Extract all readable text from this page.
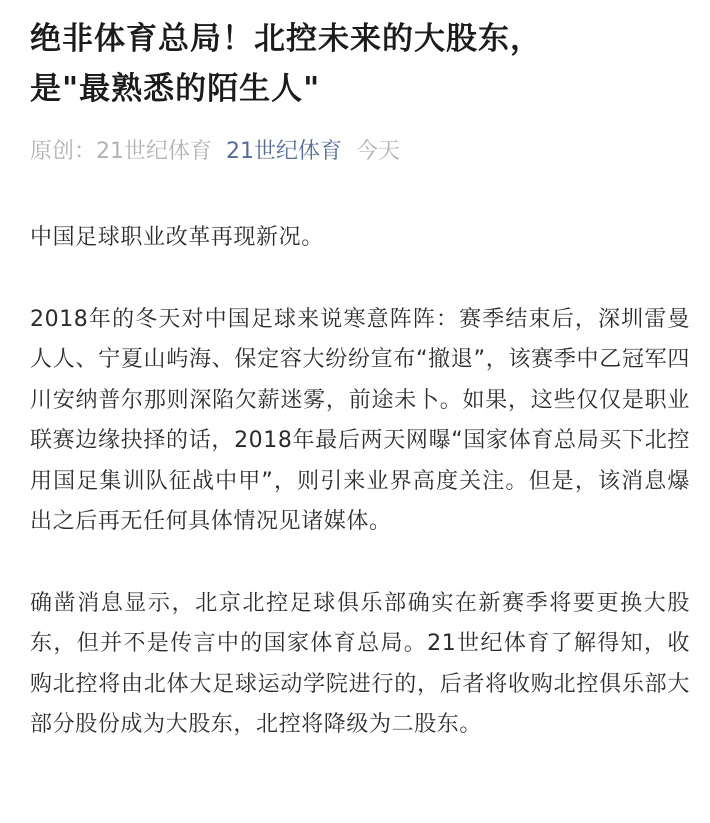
绝非体育总局！北控未来的大股东，
是"最熟悉的陌生人"
原创：21世纪体育 21世纪体育 今天

中国足球职业改革再现新况。

2018年的冬天对中国足球来说寒意阵阵：赛季结束后，深圳雷曼人人、宁夏山屿海、保定容大纷纷宣布“撤退”，该赛季中乙冠军四川安纳普尔那则深陷欠薪迷雾，前途未卜。如果，这些仅仅是职业联赛边缘抉择的话，2018年最后两天网曝“国家体育总局买下北控用国足集训队征战中甲”，则引来业界高度关注。但是，该消息爆出之后再无任何具体情况见诸媒体。

确凿消息显示，北京北控足球俱乐部确实在新赛季将要更换大股东，但并不是传言中的国家体育总局。21世纪体育了解得知，收购北控将由北体大足球运动学院进行的，后者将收购北控俱乐部大部分股份成为大股东，北控将降级为二股东。
